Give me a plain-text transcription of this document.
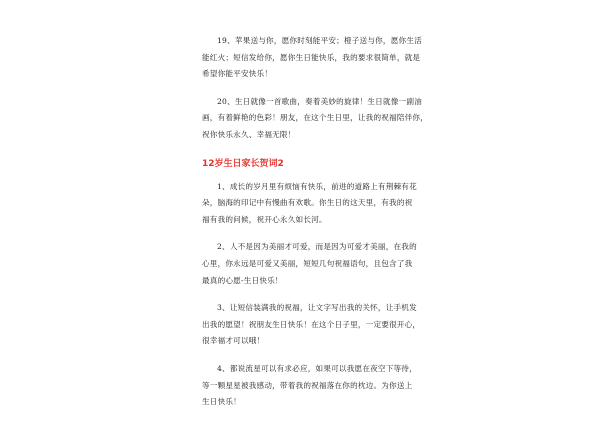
19、苹果送与你，愿你时刻能平安；橙子送与你，愿你生活
能红火；短信发给你，愿你生日能快乐，我的要求很简单，就是
希望你能平安快乐！
20、生日就像一首歌曲，奏着美妙的旋律！生日就像一副油
画，有着鲜艳的色彩！朋友，在这个生日里，让我的祝福陪伴你，
祝你快乐永久、幸福无限！
12岁生日家长贺词2
1、成长的岁月里有烦恼有快乐，前进的道路上有荆棘有花
朵，脑海的印记中有慢曲有欢歌。你生日的这天里，有我的祝
福有我的问候，祝开心永久如长河。
2、人不是因为美丽才可爱，而是因为可爱才美丽，在我的
心里，你永远是可爱又美丽，短短几句祝福语句，且包含了我
最真的心愿-生日快乐！
3、让短信装满我的祝福，让文字写出我的关怀，让手机发
出我的愿望！祝朋友生日快乐！在这个日子里，一定要很开心，
很幸福才可以哦！
4、都说流星可以有求必应，如果可以我愿在夜空下等待，
等一颗星星被我感动，带着我的祝福落在你的枕边。为你送上
生日快乐！
